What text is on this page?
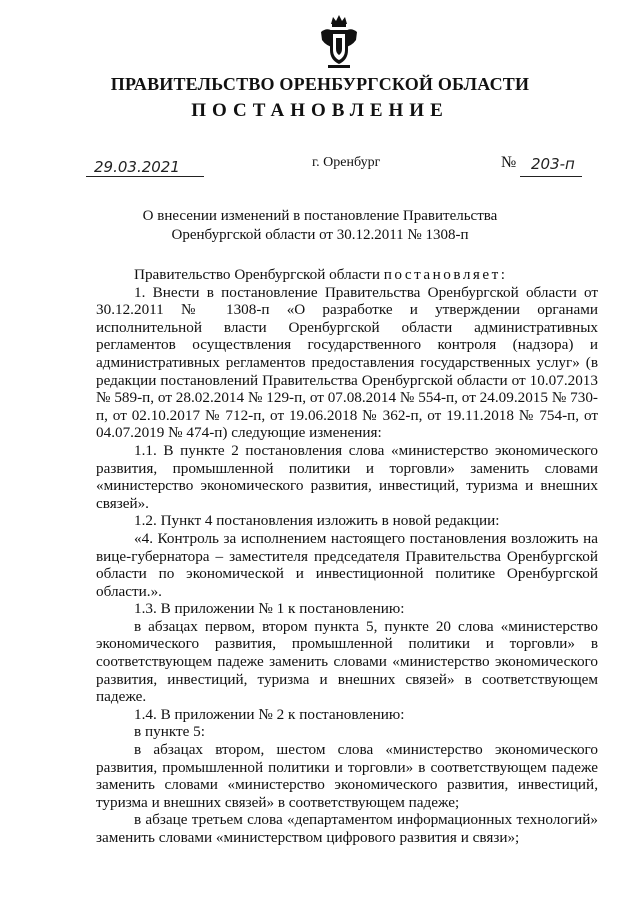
ПРАВИТЕЛЬСТВО ОРЕНБУРГСКОЙ ОБЛАСТИ
ПОСТАНОВЛЕНИЕ
29.03.2021	г. Оренбург	№ 203-п
О внесении изменений в постановление Правительства
Оренбургской области от 30.12.2011 № 1308-п

Правительство Оренбургской области постановляет:

1. Внести в постановление Правительства Оренбургской области от 30.12.2011 № 1308-п «О разработке и утверждении органами исполнительной власти Оренбургской области административных регламентов осуществления государственного контроля (надзора) и административных регламентов предоставления государственных услуг» (в редакции постановлений Правительства Оренбургской области от 10.07.2013 № 589-п, от 28.02.2014 № 129-п, от 07.08.2014 № 554-п, от 24.09.2015 № 730-п, от 02.10.2017 № 712-п, от 19.06.2018 № 362-п, от 19.11.2018 № 754-п, от 04.07.2019 № 474-п) следующие изменения:

1.1. В пункте 2 постановления слова «министерство экономического развития, промышленной политики и торговли» заменить словами «министерство экономического развития, инвестиций, туризма и внешних связей».

1.2. Пункт 4 постановления изложить в новой редакции:

«4. Контроль за исполнением настоящего постановления возложить на вице-губернатора – заместителя председателя Правительства Оренбургской области по экономической и инвестиционной политике Оренбургской области.».

1.3. В приложении № 1 к постановлению:

в абзацах первом, втором пункта 5, пункте 20 слова «министерство экономического развития, промышленной политики и торговли» в соответствующем падеже заменить словами «министерство экономического развития, инвестиций, туризма и внешних связей» в соответствующем падеже.

1.4. В приложении № 2 к постановлению:

в пункте 5:

в абзацах втором, шестом слова «министерство экономического развития, промышленной политики и торговли» в соответствующем падеже заменить словами «министерство экономического развития, инвестиций, туризма и внешних связей» в соответствующем падеже;

в абзаце третьем слова «департаментом информационных технологий» заменить словами «министерством цифрового развития и связи»;
